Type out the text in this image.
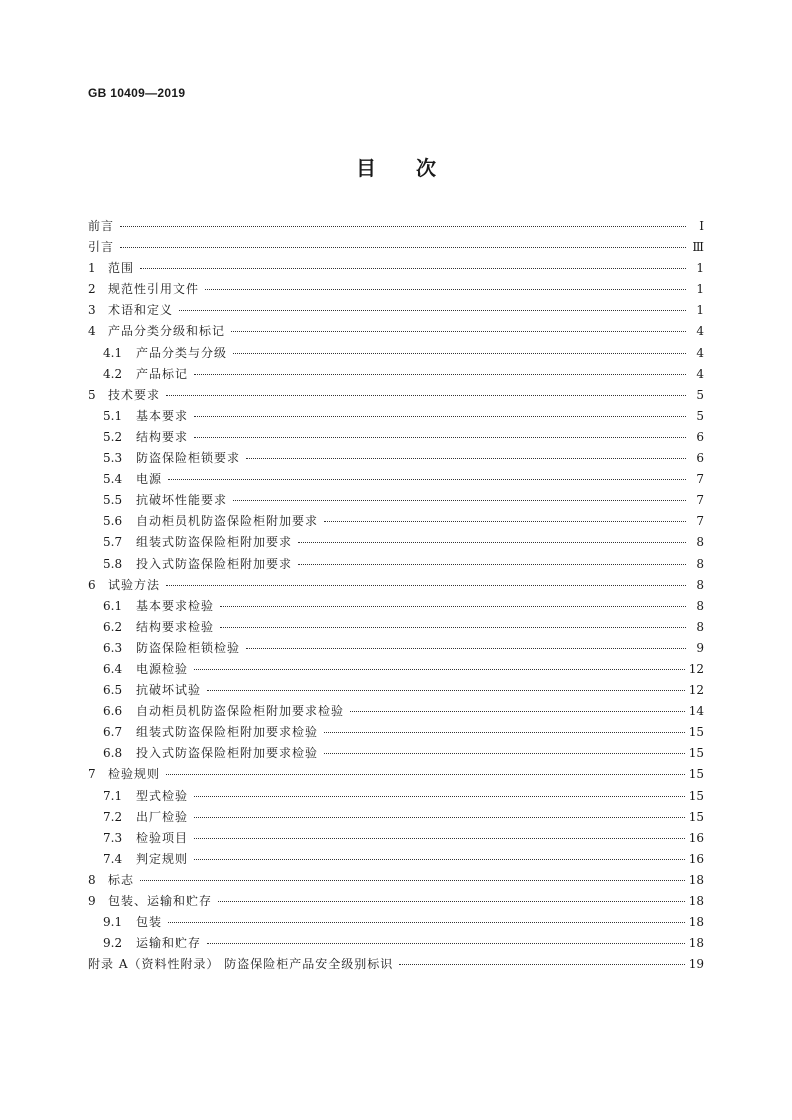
GB 10409—2019
目 次
前言	Ⅰ
引言	Ⅲ
1	范围	1
2	规范性引用文件	1
3	术语和定义	1
4	产品分类分级和标记	4
4.1	产品分类与分级	4
4.2	产品标记	4
5	技术要求	5
5.1	基本要求	5
5.2	结构要求	6
5.3	防盗保险柜锁要求	6
5.4	电源	7
5.5	抗破坏性能要求	7
5.6	自动柜员机防盗保险柜附加要求	7
5.7	组装式防盗保险柜附加要求	8
5.8	投入式防盗保险柜附加要求	8
6	试验方法	8
6.1	基本要求检验	8
6.2	结构要求检验	8
6.3	防盗保险柜锁检验	9
6.4	电源检验	12
6.5	抗破坏试验	12
6.6	自动柜员机防盗保险柜附加要求检验	14
6.7	组装式防盗保险柜附加要求检验	15
6.8	投入式防盗保险柜附加要求检验	15
7	检验规则	15
7.1	型式检验	15
7.2	出厂检验	15
7.3	检验项目	16
7.4	判定规则	16
8	标志	18
9	包装、运输和贮存	18
9.1	包装	18
9.2	运输和贮存	18
附录 A（资料性附录） 防盗保险柜产品安全级别标识	19
